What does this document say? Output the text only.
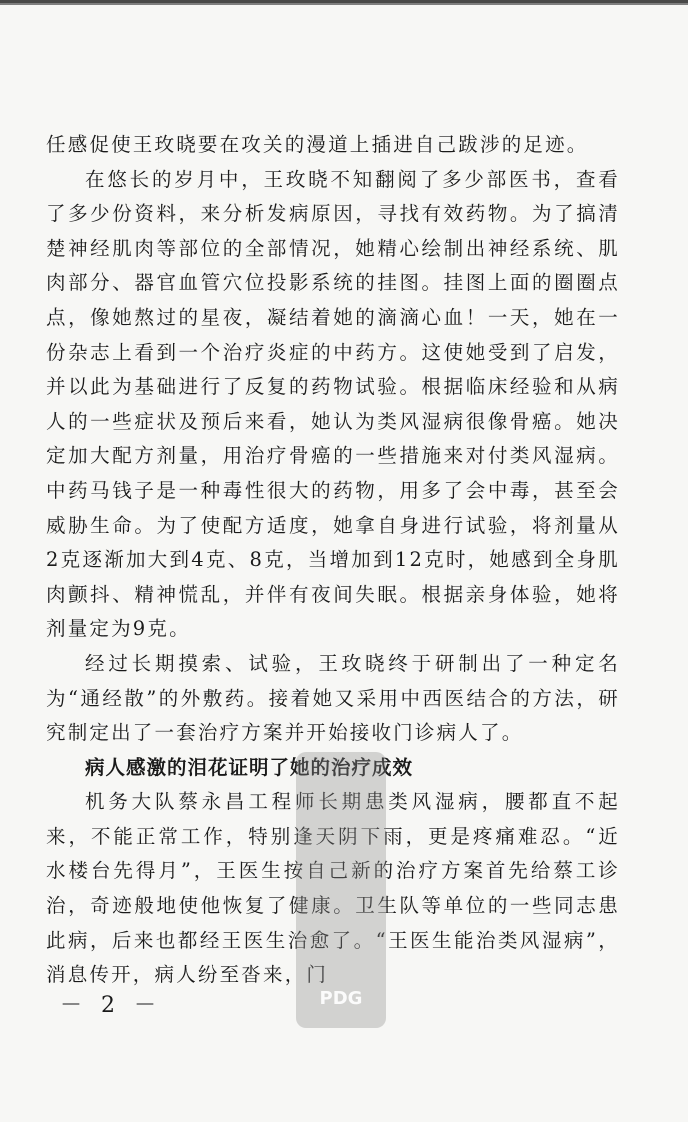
任感促使王玫晓要在攻关的漫道上插进自己跋涉的足迹。

在悠长的岁月中，王玫晓不知翻阅了多少部医书，查看了多少份资料，来分析发病原因，寻找有效药物。为了搞清楚神经肌肉等部位的全部情况，她精心绘制出神经系统、肌肉部分、器官血管穴位投影系统的挂图。挂图上面的圈圈点点，像她熬过的星夜，凝结着她的滴滴心血！一天，她在一份杂志上看到一个治疗炎症的中药方。这使她受到了启发，并以此为基础进行了反复的药物试验。根据临床经验和从病人的一些症状及预后来看，她认为类风湿病很像骨癌。她决定加大配方剂量，用治疗骨癌的一些措施来对付类风湿病。中药马钱子是一种毒性很大的药物，用多了会中毒，甚至会威胁生命。为了使配方适度，她拿自身进行试验，将剂量从2克逐渐加大到4克、8克，当增加到12克时，她感到全身肌肉颤抖、精神慌乱，并伴有夜间失眠。根据亲身体验，她将剂量定为9克。

经过长期摸索、试验，王玫晓终于研制出了一种定名为“通经散”的外敷药。接着她又采用中西医结合的方法，研究制定出了一套治疗方案并开始接收门诊病人了。

病人感激的泪花证明了她的治疗成效

机务大队蔡永昌工程师长期患类风湿病，腰都直不起来，不能正常工作，特别逢天阴下雨，更是疼痛难忍。“近水楼台先得月”，王医生按自己新的治疗方案首先给蔡工诊治，奇迹般地使他恢复了健康。卫生队等单位的一些同志患此病，后来也都经王医生治愈了。“王医生能治类风湿病”，消息传开，病人纷至沓来，门

PDG
－ 2 －
